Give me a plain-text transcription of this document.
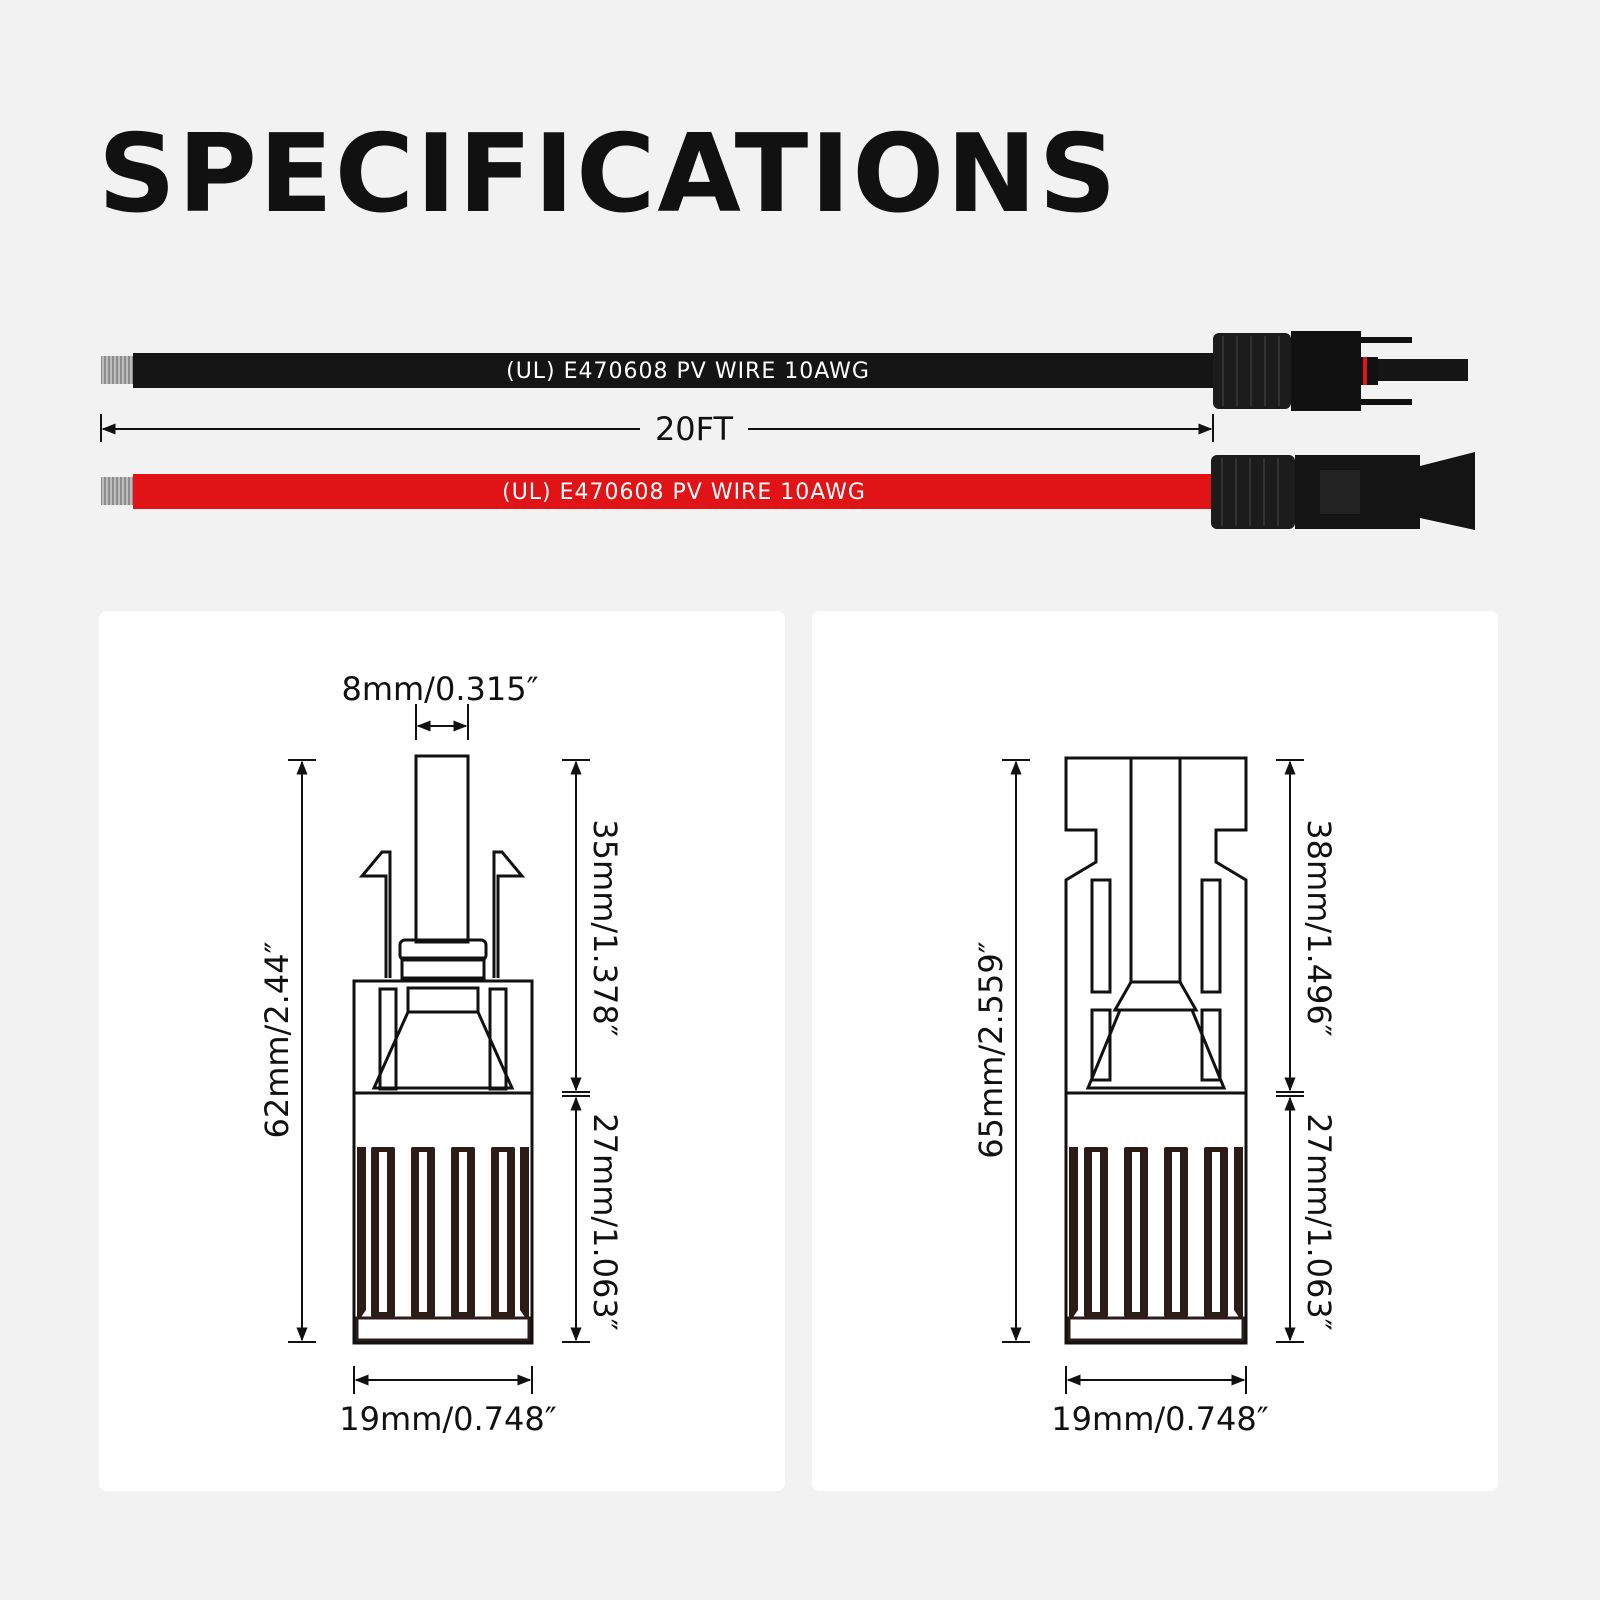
SPECIFICATIONS
(UL) E470608 PV WIRE 10AWG
20FT
(UL) E470608 PV WIRE 10AWG
8mm/0.315″
19mm/0.748″
62mm/2.44″
35mm/1.378″
27mm/1.063″
19mm/0.748″
65mm/2.559″
38mm/1.496″
27mm/1.063″
